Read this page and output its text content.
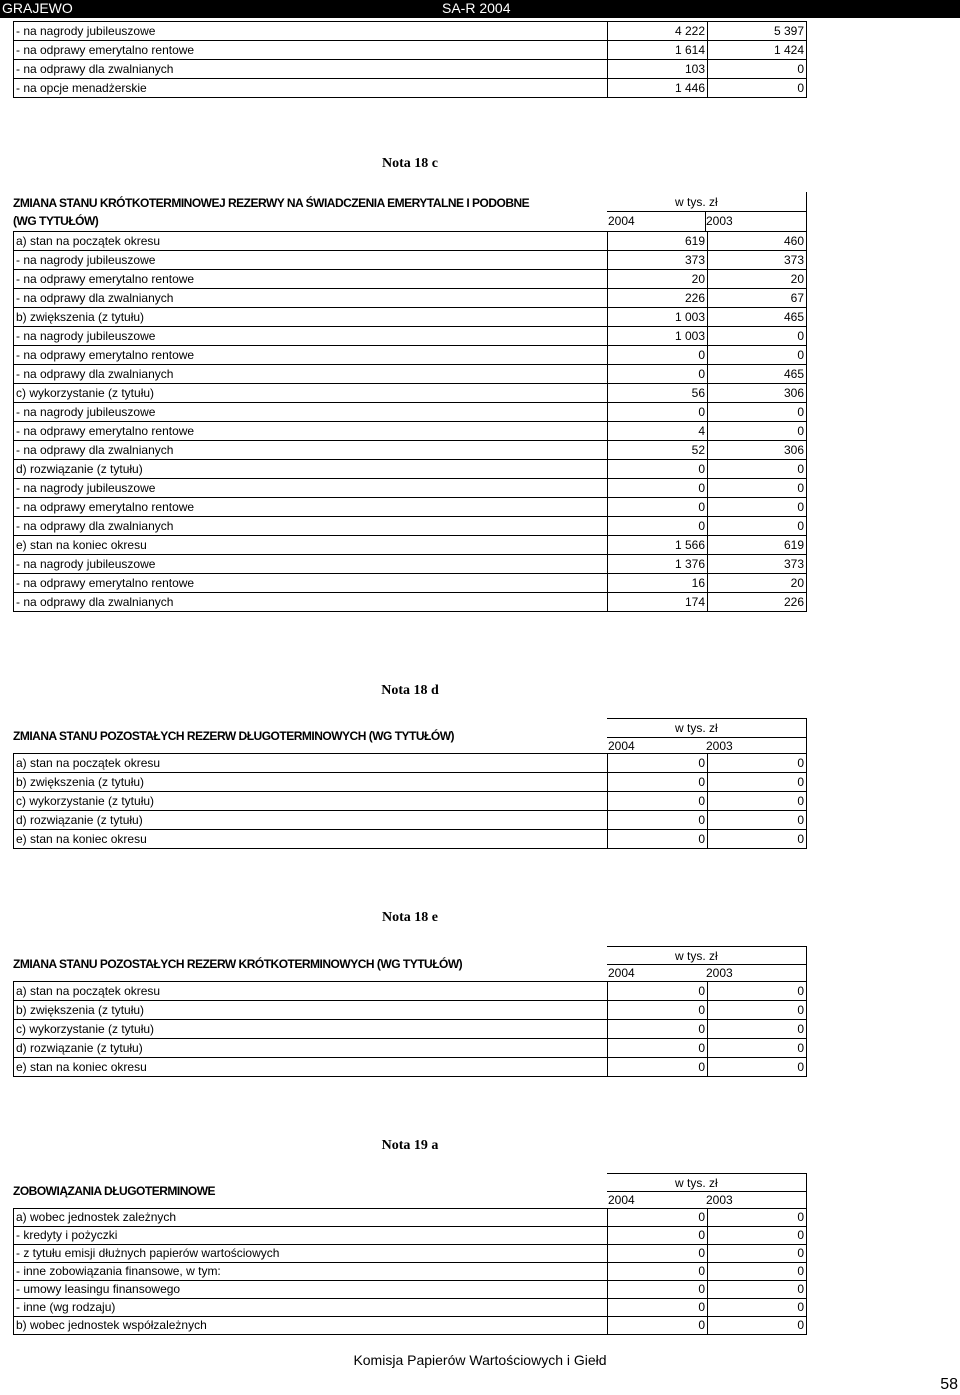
GRAJEWO	SA-R 2004
- na nagrody jubileuszowe	4 222	5 397
- na odprawy emerytalno rentowe	1 614	1 424
- na odprawy dla zwalnianych	103	0
- na opcje menadżerskie	1 446	0
Nota 18 c
ZMIANA STANU KRÓTKOTERMINOWEJ REZERWY NA ŚWIADCZENIA EMERYTALNE I PODOBNE
(WG TYTUŁÓW)
w tys. zł
2004	2003
a) stan na początek okresu	619	460
- na nagrody jubileuszowe	373	373
- na odprawy emerytalno rentowe	20	20
- na odprawy dla zwalnianych	226	67
b) zwiększenia (z tytułu)	1 003	465
- na nagrody jubileuszowe	1 003	0
- na odprawy emerytalno rentowe	0	0
- na odprawy dla zwalnianych	0	465
c) wykorzystanie (z tytułu)	56	306
- na nagrody jubileuszowe	0	0
- na odprawy emerytalno rentowe	4	0
- na odprawy dla zwalnianych	52	306
d) rozwiązanie (z tytułu)	0	0
- na nagrody jubileuszowe	0	0
- na odprawy emerytalno rentowe	0	0
- na odprawy dla zwalnianych	0	0
e) stan na koniec okresu	1 566	619
- na nagrody jubileuszowe	1 376	373
- na odprawy emerytalno rentowe	16	20
- na odprawy dla zwalnianych	174	226
Nota 18 d
ZMIANA STANU POZOSTAŁYCH REZERW DŁUGOTERMINOWYCH (WG TYTUŁÓW)
w tys. zł
2004	2003
a) stan na początek okresu	0	0
b) zwiększenia (z tytułu)	0	0
c) wykorzystanie (z tytułu)	0	0
d) rozwiązanie (z tytułu)	0	0
e) stan na koniec okresu	0	0
Nota 18 e
ZMIANA STANU POZOSTAŁYCH REZERW KRÓTKOTERMINOWYCH (WG TYTUŁÓW)
w tys. zł
2004	2003
a) stan na początek okresu	0	0
b) zwiększenia (z tytułu)	0	0
c) wykorzystanie (z tytułu)	0	0
d) rozwiązanie (z tytułu)	0	0
e) stan na koniec okresu	0	0
Nota 19 a
ZOBOWIĄZANIA DŁUGOTERMINOWE
w tys. zł
2004	2003
a) wobec jednostek zależnych	0	0
- kredyty i pożyczki	0	0
- z tytułu emisji dłużnych papierów wartościowych	0	0
- inne zobowiązania finansowe, w tym:	0	0
- umowy leasingu finansowego	0	0
- inne (wg rodzaju)	0	0
b) wobec jednostek współzależnych	0	0
Komisja Papierów Wartościowych i Giełd
58
